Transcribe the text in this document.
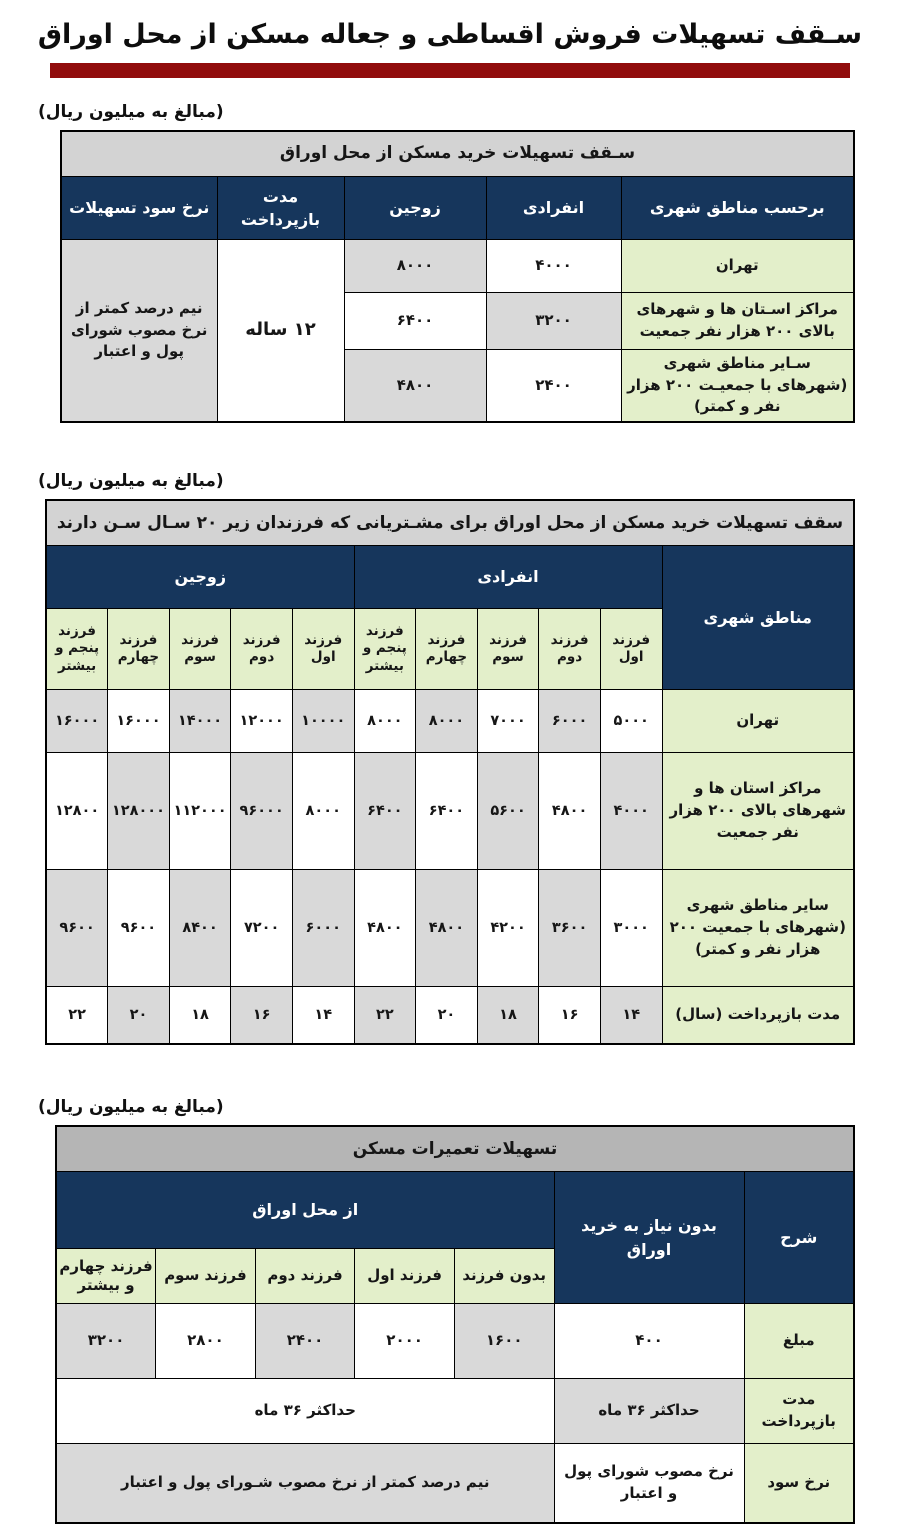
سـقف تسهیلات فروش اقساطی و جعاله مسکن از محل اوراق
(مبالغ به میلیون ریال)
سـقف تسهیلات خرید مسکن از محل اوراق				
برحسب مناطق شهری	انفرادی	زوجین	مدت بازپرداخت	نرخ سود تسهیلات
تهران	۴۰۰۰	۸۰۰۰	۱۲ ساله	نیم درصد کمتر از نرخ مصوب شورای پول و اعتبار
مراکز اسـتان ها و شهرهای بالای ۲۰۰ هزار نفر جمعیت	۳۲۰۰	۶۴۰۰		
سـایر مناطق شهری (شهرهای با جمعیـت ۲۰۰ هزار نفر و کمتر)	۲۴۰۰	۴۸۰۰		
(مبالغ به میلیون ریال)
سقف تسهیلات خرید مسکن از محل اوراق برای مشـتریانی که فرزندان زیر ۲۰ سـال سـن دارند										
مناطق شهری	انفرادی					زوجین				
	فرزند اول	فرزند دوم	فرزند سوم	فرزند چهارم	فرزند پنجم و بیشتر	فرزند اول	فرزند دوم	فرزند سوم	فرزند چهارم	فرزند پنجم و بیشتر
تهران	۵۰۰۰	۶۰۰۰	۷۰۰۰	۸۰۰۰	۸۰۰۰	۱۰۰۰۰	۱۲۰۰۰	۱۴۰۰۰	۱۶۰۰۰	۱۶۰۰۰
مراکز استان ها و شهرهای بالای ۲۰۰ هزار نفر جمعیت	۴۰۰۰	۴۸۰۰	۵۶۰۰	۶۴۰۰	۶۴۰۰	۸۰۰۰	۹۶۰۰۰	۱۱۲۰۰۰	۱۲۸۰۰۰	۱۲۸۰۰
سایر مناطق شهری (شهرهای با جمعیت ۲۰۰ هزار نفر و کمتر)	۳۰۰۰	۳۶۰۰	۴۲۰۰	۴۸۰۰	۴۸۰۰	۶۰۰۰	۷۲۰۰	۸۴۰۰	۹۶۰۰	۹۶۰۰
مدت بازپرداخت (سال)	۱۴	۱۶	۱۸	۲۰	۲۲	۱۴	۱۶	۱۸	۲۰	۲۲
(مبالغ به میلیون ریال)
تسهیلات تعمیرات مسکن						
شرح	بدون نیاز به خرید اوراق	از محل اوراق				
		بدون فرزند	فرزند اول	فرزند دوم	فرزند سوم	فرزند چهارم و بیشتر
مبلغ	۴۰۰	۱۶۰۰	۲۰۰۰	۲۴۰۰	۲۸۰۰	۳۲۰۰
مدت بازپرداخت	حداکثر ۳۶ ماه	حداکثر ۳۶ ماه				
نرخ سود	نرخ مصوب شورای پول و اعتبار	نیم درصد کمتر از نرخ مصوب شـورای پول و اعتبار				
